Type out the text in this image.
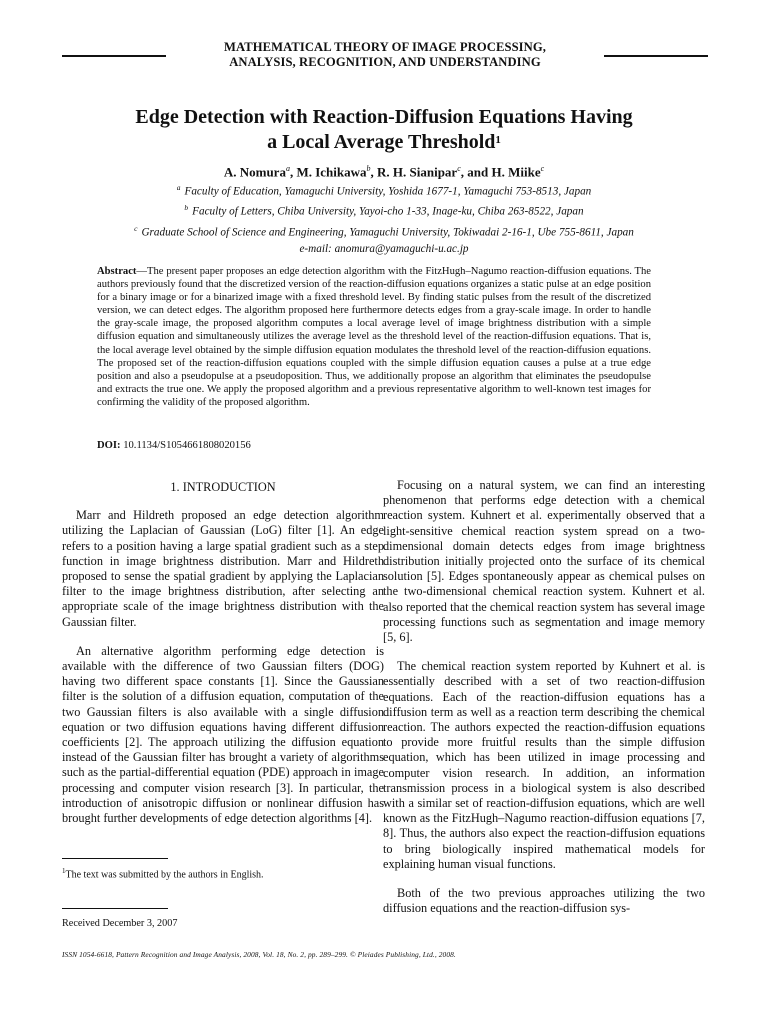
MATHEMATICAL THEORY OF IMAGE PROCESSING,
ANALYSIS, RECOGNITION, AND UNDERSTANDING
Edge Detection with Reaction-Diffusion Equations Having
a Local Average Threshold$^1$
A. Nomura$^a$, M. Ichikawa$^b$, R. H. Sianipar$^c$, and H. Miike$^c$
$^a$ Faculty of Education, Yamaguchi University, Yoshida 1677-1, Yamaguchi 753-8513, Japan
$^b$ Faculty of Letters, Chiba University, Yayoi-cho 1-33, Inage-ku, Chiba 263-8522, Japan
$^c$ Graduate School of Science and Engineering, Yamaguchi University, Tokiwadai 2-16-1, Ube 755-8611, Japan
e-mail: anomura@yamaguchi-u.ac.jp
Abstract—The present paper proposes an edge detection algorithm with the FitzHugh–Nagumo reaction-diffusion equations. The authors previously found that the discretized version of the reaction-diffusion equations organizes a static pulse at an edge position for a binary image or for a binarized image with a fixed threshold level. By finding static pulses from the result of the discretized version, we can detect edges. The algorithm proposed here furthermore detects edges from a gray-scale image. In order to handle the gray-scale image, the proposed algorithm computes a local average level of image brightness distribution with a simple diffusion equation and simultaneously utilizes the average level as the threshold level of the reaction-diffusion equations. That is, the local average level obtained by the simple diffusion equation modulates the threshold level of the reaction-diffusion equations. The proposed set of the reaction-diffusion equations coupled with the simple diffusion equation causes a pulse at a true edge position and also a pseudopulse at a pseudoposition. Thus, we additionally propose an algorithm that eliminates the pseudopulse and extracts the true one. We apply the proposed algorithm and a previous representative algorithm to well-known test images for confirming the validity of the proposed algorithm.
DOI: 10.1134/S1054661808020156
1. INTRODUCTION

Marr and Hildreth proposed an edge detection algorithm utilizing the Laplacian of Gaussian (LoG) filter [1]. An edge refers to a position having a large spatial gradient such as a step function in image brightness distribution. Marr and Hildreth proposed to sense the spatial gradient by applying the Laplacian filter to the image brightness distribution, after selecting an appropriate scale of the image brightness distribution with the Gaussian filter.

An alternative algorithm performing edge detection is available with the difference of two Gaussian filters (DOG) having two different space constants [1]. Since the Gaussian filter is the solution of a diffusion equation, computation of the two Gaussian filters is also available with a single diffusion equation or two diffusion equations having different diffusion coefficients [2]. The approach utilizing the diffusion equation instead of the Gaussian filter has brought a variety of algorithms such as the partial-differential equation (PDE) approach in image processing and computer vision research [3]. In particular, the introduction of anisotropic diffusion or nonlinear diffusion has brought further developments of edge detection algorithms [4].

Focusing on a natural system, we can find an interesting phenomenon that performs edge detection with a chemical reaction system. Kuhnert et al. experimentally observed that a light-sensitive chemical reaction system spread on a two-dimensional domain detects edges from image brightness distribution initially projected onto the surface of its chemical solution [5]. Edges spontaneously appear as chemical pulses on the two-dimensional chemical reaction system. Kuhnert et al. also reported that the chemical reaction system has several image processing functions such as segmentation and image memory [5, 6].

The chemical reaction system reported by Kuhnert et al. is essentially described with a set of two reaction-diffusion equations. Each of the reaction-diffusion equations has a diffusion term as well as a reaction term describing the chemical reaction. The authors expected the reaction-diffusion equations to provide more fruitful results than the simple diffusion equation, which has been utilized in image processing and computer vision research. In addition, an information transmission process in a biological system is also described with a similar set of reaction-diffusion equations, which are well known as the FitzHugh–Nagumo reaction-diffusion equations [7, 8]. Thus, the authors also expect the reaction-diffusion equations to bring biologically inspired mathematical models for explaining human visual functions.

Both of the two previous approaches utilizing the two diffusion equations and the reaction-diffusion sys-

$^1$The text was submitted by the authors in English.
Received December 3, 2007
ISSN 1054-6618, Pattern Recognition and Image Analysis, 2008, Vol. 18, No. 2, pp. 289–299. © Pleiades Publishing, Ltd., 2008.
